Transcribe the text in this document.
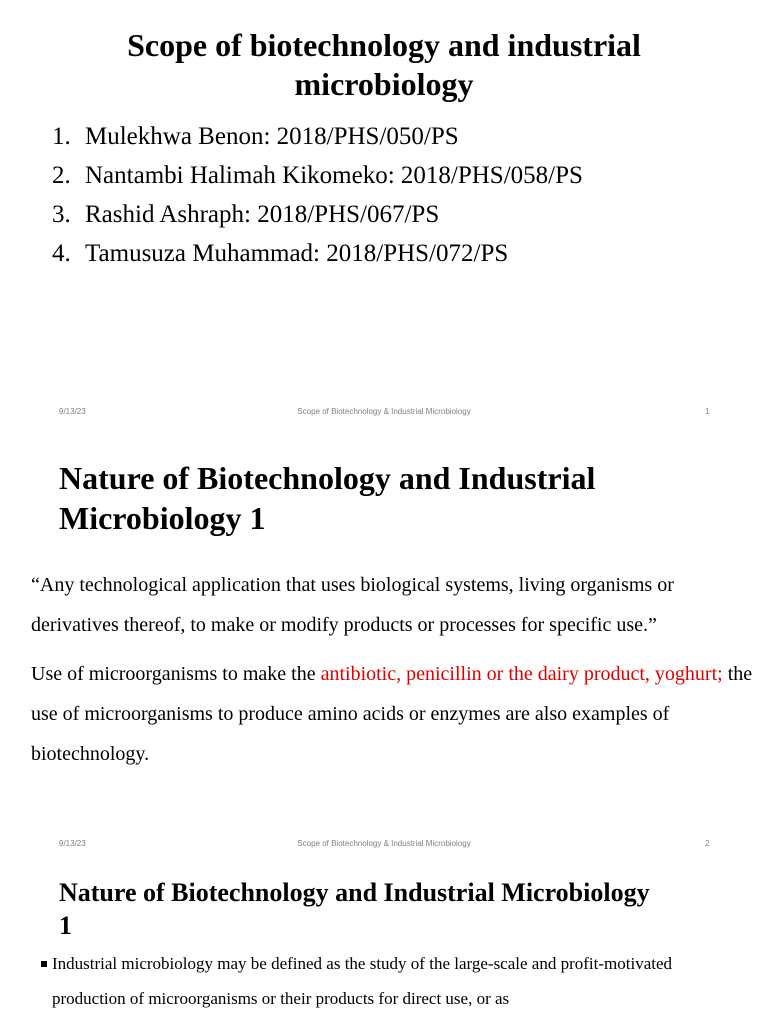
Scope of biotechnology and industrial microbiology
1. Mulekhwa Benon: 2018/PHS/050/PS
2. Nantambi Halimah Kikomeko: 2018/PHS/058/PS
3. Rashid Ashraph: 2018/PHS/067/PS
4. Tamusuza Muhammad: 2018/PHS/072/PS
9/13/23	Scope of Biotechnology & Industrial Microbiology	1
Nature of Biotechnology and Industrial Microbiology 1

“Any technological application that uses biological systems, living organisms or derivatives thereof, to make or modify products or processes for specific use.”

Use of microorganisms to make the antibiotic, penicillin or the dairy product, yoghurt; the use of microorganisms to produce amino acids or enzymes are also examples of biotechnology.

9/13/23	Scope of Biotechnology & Industrial Microbiology	2
Nature of Biotechnology and Industrial Microbiology 1
Industrial microbiology may be defined as the study of the large-scale and profit-motivated production of microorganisms or their products for direct use, or as
